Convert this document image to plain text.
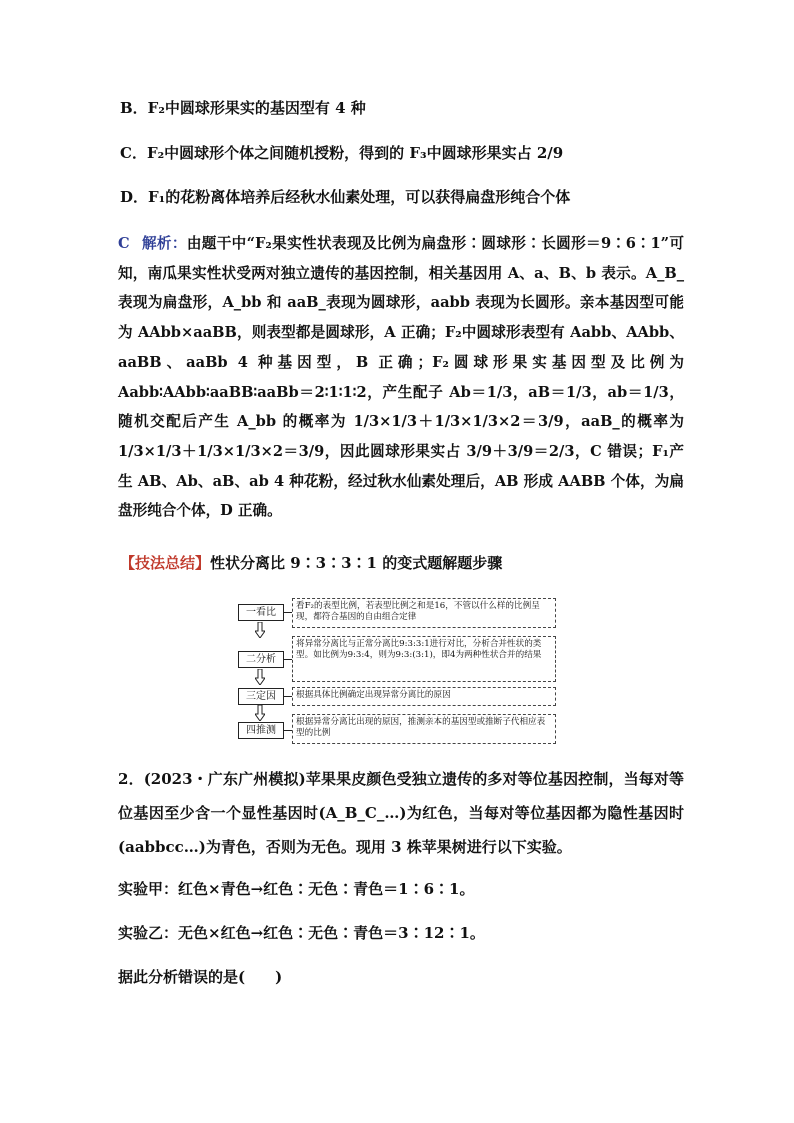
B．F₂中圆球形果实的基因型有 4 种
C．F₂中圆球形个体之间随机授粉，得到的 F₃中圆球形果实占 2/9
D．F₁的花粉离体培养后经秋水仙素处理，可以获得扁盘形纯合个体
C 解析：由题干中“F₂果实性状表现及比例为扁盘形∶圆球形∶长圆形＝9∶6∶1”可知，南瓜果实性状受两对独立遗传的基因控制，相关基因用 A、a、B、b 表示。A_B_表现为扁盘形，A_bb 和 aaB_表现为圆球形，aabb 表现为长圆形。亲本基因型可能为 AAbb×aaBB，则表型都是圆球形，A 正确；F₂中圆球形表型有 Aabb、AAbb、aaBB、aaBb 4 种基因型，B 正确；F₂圆球形果实基因型及比例为 Aabb∶AAbb∶aaBB∶aaBb＝2∶1∶1∶2，产生配子 Ab＝1/3，aB＝1/3，ab＝1/3，随机交配后产生 A_bb 的概率为 1/3×1/3＋1/3×1/3×2＝3/9，aaB_的概率为 1/3×1/3＋1/3×1/3×2＝3/9，因此圆球形果实占 3/9＋3/9＝2/3，C 错误；F₁产生 AB、Ab、aB、ab 4 种花粉，经过秋水仙素处理后，AB 形成 AABB 个体，为扁盘形纯合个体，D 正确。
【技法总结】性状分离比 9∶3∶3∶1 的变式题解题步骤
一看比
看F₂的表型比例，若表型比例之和是16，不管以什么样的比例呈现，都符合基因的自由组合定律
二分析
将异常分离比与正常分离比9:3:3:1进行对比，分析合并性状的类型。如比例为9:3:4，则为9:3:(3:1)，即4为两种性状合并的结果
三定因	根据具体比例确定出现异常分离比的原因
四推测
根据异常分离比出现的原因，推测亲本的基因型或推断子代相应表型的比例
2．(2023・广东广州模拟)苹果果皮颜色受独立遗传的多对等位基因控制，当每对等位基因至少含一个显性基因时(A_B_C_…)为红色，当每对等位基因都为隐性基因时(aabbcc…)为青色，否则为无色。现用 3 株苹果树进行以下实验。
实验甲：红色×青色→红色∶无色∶青色＝1∶6∶1。
实验乙：无色×红色→红色∶无色∶青色＝3∶12∶1。
据此分析错误的是(　　)
